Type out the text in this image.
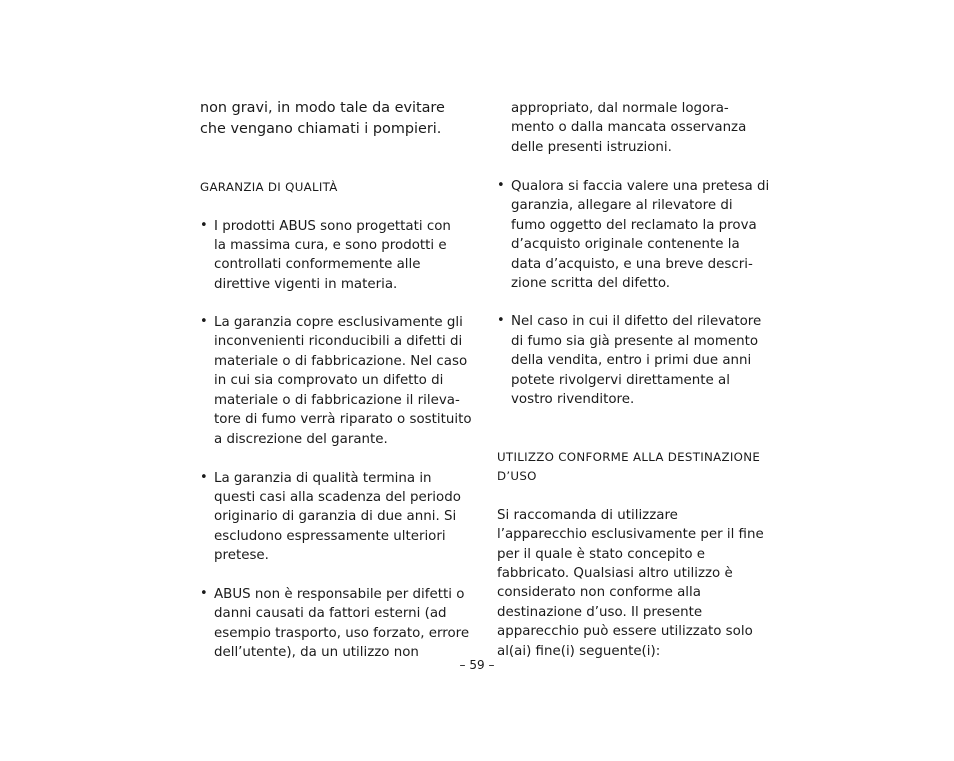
non gravi, in modo tale da evitare
che vengano chiamati i pompieri.
GARANZIA DI QUALITÀ
• I prodotti ABUS sono progettati con
la massima cura, e sono prodotti e
controllati conformemente alle
direttive vigenti in materia.
• La garanzia copre esclusivamente gli
inconvenienti riconducibili a difetti di
materiale o di fabbricazione. Nel caso
in cui sia comprovato un difetto di
materiale o di fabbricazione il rileva-
tore di fumo verrà riparato o sostituito
a discrezione del garante.
• La garanzia di qualità termina in
questi casi alla scadenza del periodo
originario di garanzia di due anni. Si
escludono espressamente ulteriori
pretese.
• ABUS non è responsabile per difetti o
danni causati da fattori esterni (ad
esempio trasporto, uso forzato, errore
dell’utente), da un utilizzo non
appropriato, dal normale logora-
mento o dalla mancata osservanza
delle presenti istruzioni.
• Qualora si faccia valere una pretesa di
garanzia, allegare al rilevatore di
fumo oggetto del reclamato la prova
d’acquisto originale contenente la
data d’acquisto, e una breve descri-
zione scritta del difetto.
• Nel caso in cui il difetto del rilevatore
di fumo sia già presente al momento
della vendita, entro i primi due anni
potete rivolgervi direttamente al
vostro rivenditore.
UTILIZZO CONFORME ALLA DESTINAZIONE
D’USO
Si raccomanda di utilizzare
l’apparecchio esclusivamente per il fine
per il quale è stato concepito e
fabbricato. Qualsiasi altro utilizzo è
considerato non conforme alla
destinazione d’uso. Il presente
apparecchio può essere utilizzato solo
al(ai) fine(i) seguente(i):
– 59 –
